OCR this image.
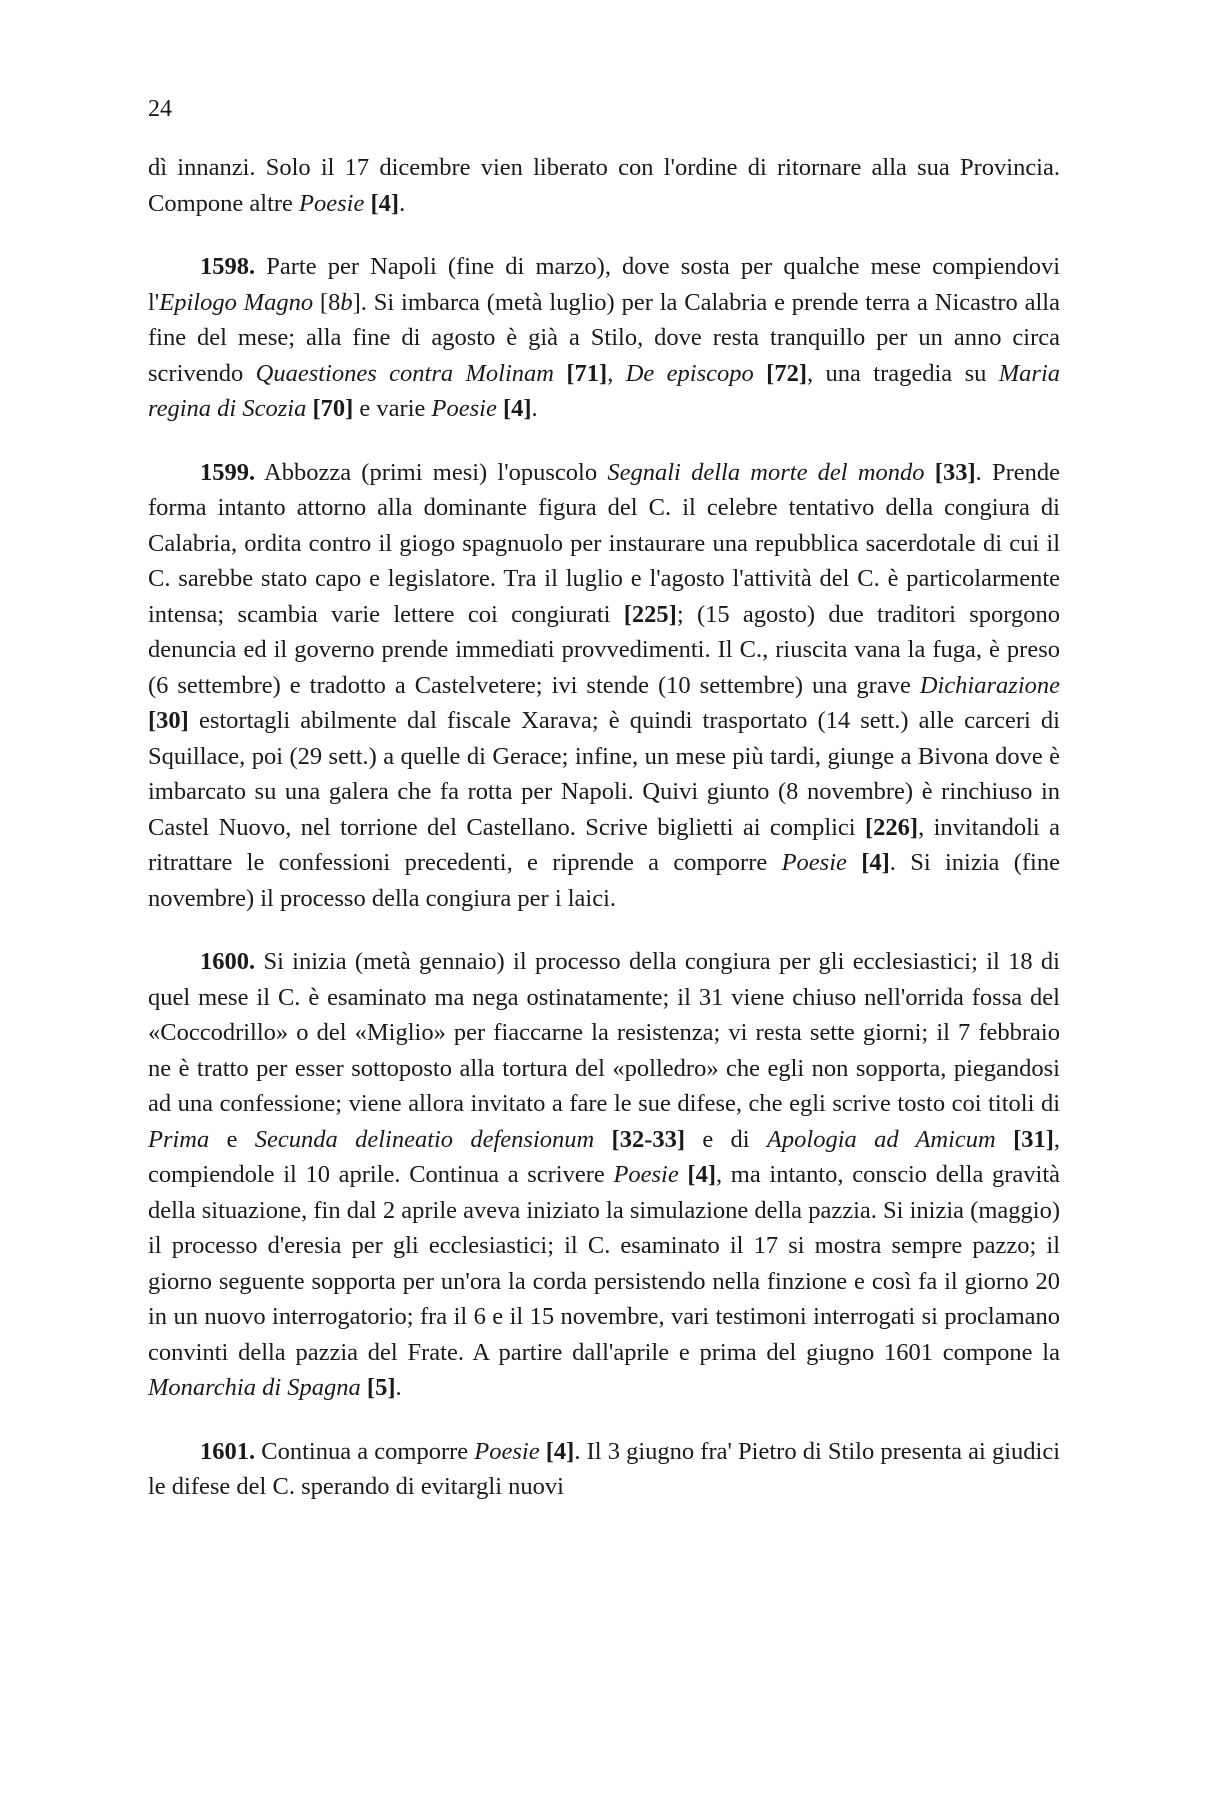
24

dì innanzi. Solo il 17 dicembre vien liberato con l'ordine di ritornare alla sua Provincia. Compone altre Poesie [4].

1598. Parte per Napoli (fine di marzo), dove sosta per qualche mese compiendovi l'Epilogo Magno [8b]. Si imbarca (metà luglio) per la Calabria e prende terra a Nicastro alla fine del mese; alla fine di agosto è già a Stilo, dove resta tranquillo per un anno circa scrivendo Quaestiones contra Molinam [71], De episcopo [72], una tragedia su Maria regina di Scozia [70] e varie Poesie [4].

1599. Abbozza (primi mesi) l'opuscolo Segnali della morte del mondo [33]. Prende forma intanto attorno alla dominante figura del C. il celebre tentativo della congiura di Calabria, ordita contro il giogo spagnuolo per instaurare una repubblica sacerdotale di cui il C. sarebbe stato capo e legislatore. Tra il luglio e l'agosto l'attività del C. è particolarmente intensa; scambia varie lettere coi congiurati [225]; (15 agosto) due traditori sporgono denuncia ed il governo prende immediati provvedimenti. Il C., riuscita vana la fuga, è preso (6 settembre) e tradotto a Castelvetere; ivi stende (10 settembre) una grave Dichiarazione [30] estortagli abilmente dal fiscale Xarava; è quindi trasportato (14 sett.) alle carceri di Squillace, poi (29 sett.) a quelle di Gerace; infine, un mese più tardi, giunge a Bivona dove è imbarcato su una galera che fa rotta per Napoli. Quivi giunto (8 novembre) è rinchiuso in Castel Nuovo, nel torrione del Castellano. Scrive biglietti ai complici [226], invitandoli a ritrattare le confessioni precedenti, e riprende a comporre Poesie [4]. Si inizia (fine novembre) il processo della congiura per i laici.

1600. Si inizia (metà gennaio) il processo della congiura per gli ecclesiastici; il 18 di quel mese il C. è esaminato ma nega ostinatamente; il 31 viene chiuso nell'orrida fossa del «Coccodrillo» o del «Miglio» per fiaccarne la resistenza; vi resta sette giorni; il 7 febbraio ne è tratto per esser sottoposto alla tortura del «polledro» che egli non sopporta, piegandosi ad una confessione; viene allora invitato a fare le sue difese, che egli scrive tosto coi titoli di Prima e Secunda delineatio defensionum [32-33] e di Apologia ad Amicum [31], compiendole il 10 aprile. Continua a scrivere Poesie [4], ma intanto, conscio della gravità della situazione, fin dal 2 aprile aveva iniziato la simulazione della pazzia. Si inizia (maggio) il processo d'eresia per gli ecclesiastici; il C. esaminato il 17 si mostra sempre pazzo; il giorno seguente sopporta per un'ora la corda persistendo nella finzione e così fa il giorno 20 in un nuovo interrogatorio; fra il 6 e il 15 novembre, vari testimoni interrogati si proclamano convinti della pazzia del Frate. A partire dall'aprile e prima del giugno 1601 compone la Monarchia di Spagna [5].

1601. Continua a comporre Poesie [4]. Il 3 giugno fra' Pietro di Stilo presenta ai giudici le difese del C. sperando di evitargli nuovi
